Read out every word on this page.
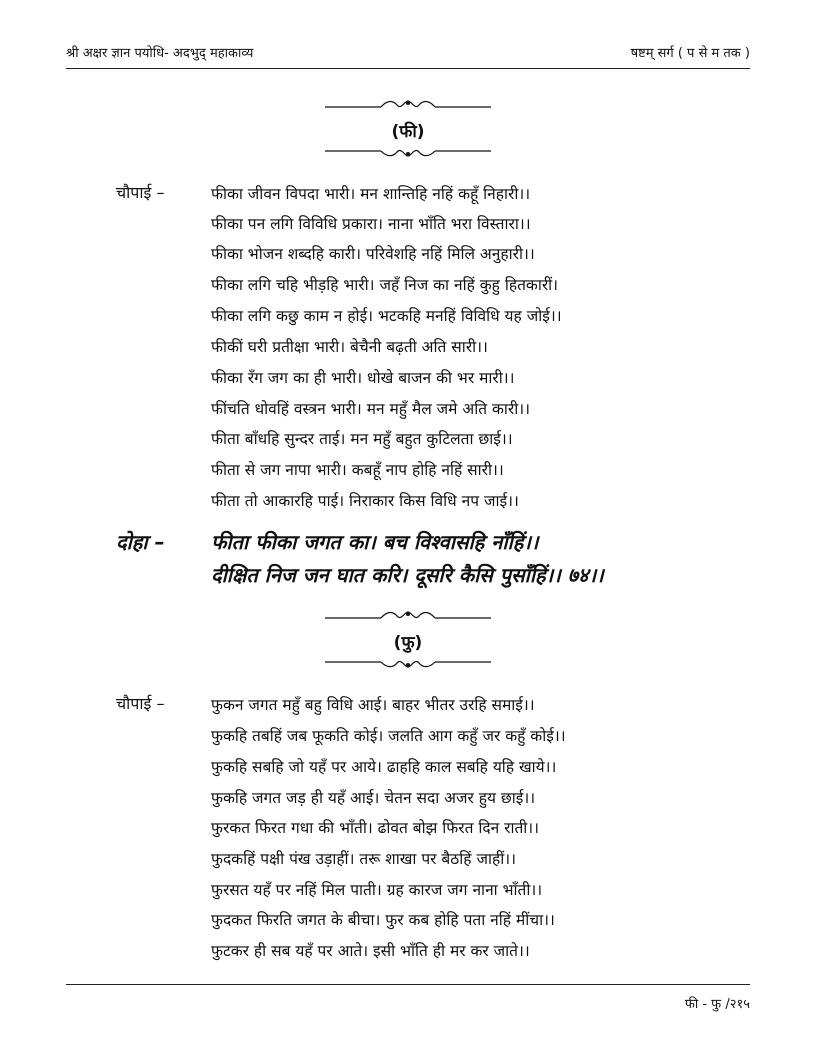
श्री अक्षर ज्ञान पयोधि- अदभुद् महाकाव्य	षष्टम् सर्ग ( प से म तक )
(फी)
चौपाई –	फीका जीवन विपदा भारी। मन शान्तिहि नहिं कहूँ निहारी।।
फीका पन लगि विविधि प्रकारा। नाना भाँति भरा विस्तारा।।
फीका भोजन शब्दहि कारी। परिवेशहि नहिं मिलि अनुहारी।।
फीका लगि चहि भीड़हि भारी। जहँ निज का नहिं कुहु हितकारीं।
फीका लगि कछु काम न होई। भटकहि मनहिं विविधि यह जोई।।
फीकीं घरी प्रतीक्षा भारी। बेचैनी बढ़ती अति सारी।।
फीका रँग जग का ही भारी। धोखे बाजन की भर मारी।।
फींचति धोवहिं वस्त्रन भारी। मन महुँ मैल जमे अति कारी।।
फीता बाँधहि सुन्दर ताई। मन महुँ बहुत कुटिलता छाई।।
फीता से जग नापा भारी। कबहूँ नाप होहि नहिं सारी।।
फीता तो आकारहि पाई। निराकार किस विधि नप जाई।।
दोहा – फीता फीका जगत का। बच विश्वासहि नाँहिं।।
दीक्षित निज जन घात करि। दूसरि कैसि पुसाँहिं।। ७४।।
(फु)
चौपाई –	फुकन जगत महुँ बहु विधि आई। बाहर भीतर उरहि समाई।।
फुकहि तबहिं जब फूकति कोई। जलति आग कहुँ जर कहुँ कोई।।
फुकहि सबहि जो यहँ पर आये। ढाहहि काल सबहि यहि खाये।।
फुकहि जगत जड़ ही यहँ आई। चेतन सदा अजर हुय छाई।।
फुरकत फिरत गधा की भाँती। ढोवत बोझ फिरत दिन राती।।
फुदकहिं पक्षी पंख उड़ाहीं। तरू शाखा पर बैठहिं जाहीं।।
फुरसत यहँ पर नहिं मिल पाती। ग्रह कारज जग नाना भाँती।।
फुदकत फिरति जगत के बीचा। फुर कब होहि पता नहिं मींचा।।
फुटकर ही सब यहँ पर आते। इसी भाँति ही मर कर जाते।।
फी - फु /२१५
